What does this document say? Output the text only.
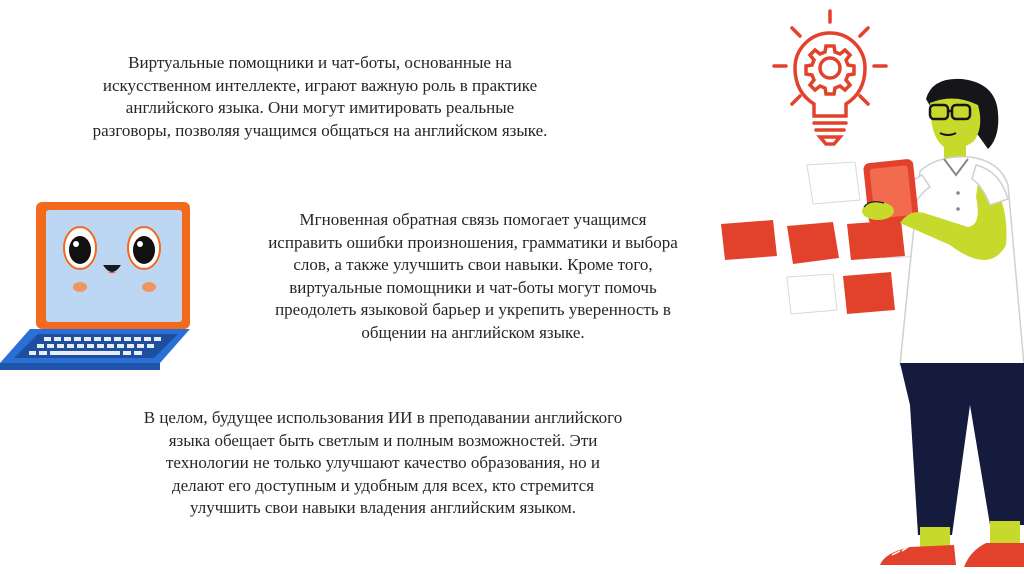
Виртуальные помощники и чат-боты, основанные на
искусственном интеллекте, играют важную роль в практике
английского языка. Они могут имитировать реальные
разговоры, позволяя учащимся общаться на английском языке.
Мгновенная обратная связь помогает учащимся
исправить ошибки произношения, грамматики и выбора
слов, а также улучшить свои навыки. Кроме того,
виртуальные помощники и чат-боты могут помочь
преодолеть языковой барьер и укрепить уверенность в
общении на английском языке.
В целом, будущее использования ИИ в преподавании английского
языка обещает быть светлым и полным возможностей. Эти
технологии не только улучшают качество образования, но и
делают его доступным и удобным для всех, кто стремится
улучшить свои навыки владения английским языком.
